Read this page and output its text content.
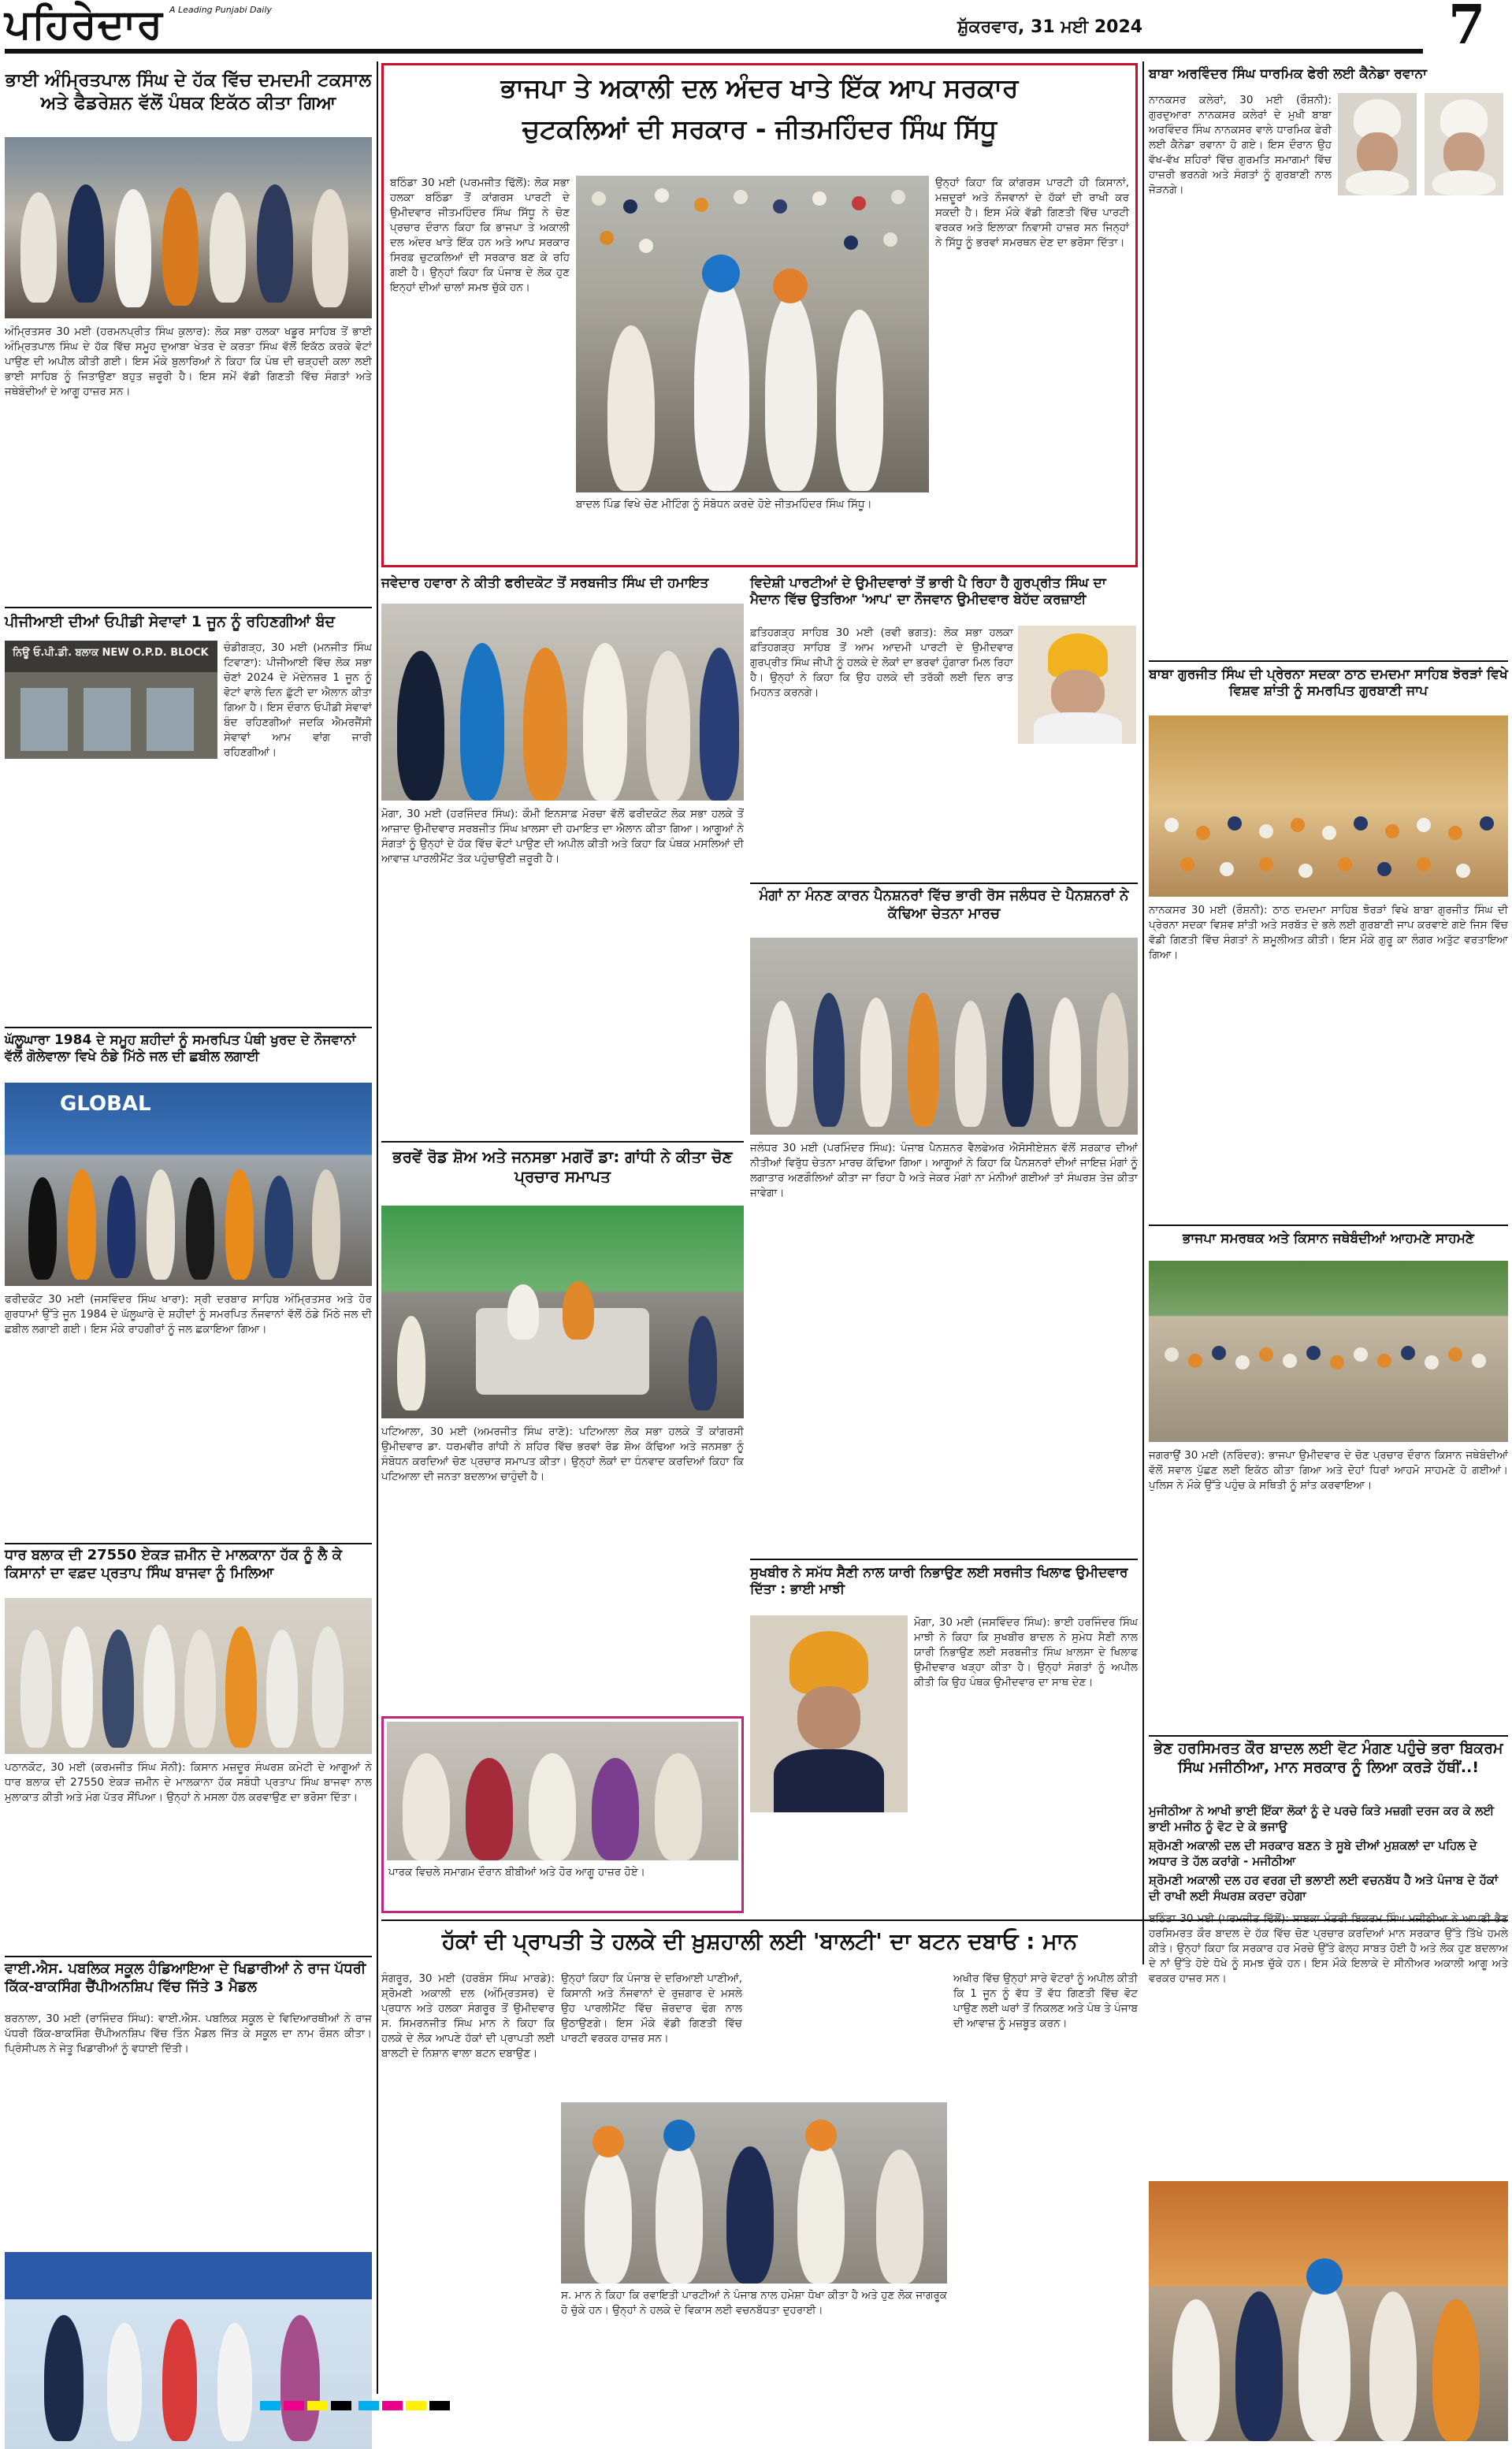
ਪਹਿਰੇਦਾਰ A Leading Punjabi Daily
ਸ਼ੁੱਕਰਵਾਰ, 31 ਮਈ 2024	7
ਭਾਈ ਅੰਮ੍ਰਿਤਪਾਲ ਸਿੰਘ ਦੇ ਹੱਕ ਵਿੱਚ ਦਮਦਮੀ ਟਕਸਾਲ ਅਤੇ ਫੈਡਰੇਸ਼ਨ ਵੱਲੋਂ ਪੰਥਕ ਇਕੱਠ ਕੀਤਾ ਗਿਆ
ਅੰਮ੍ਰਿਤਸਰ 30 ਮਈ (ਹਰਮਨਪ੍ਰੀਤ ਸਿੰਘ ਕੁਲਾਰ): ਲੋਕ ਸਭਾ ਹਲਕਾ ਖਡੂਰ ਸਾਹਿਬ ਤੋਂ ਭਾਈ ਅੰਮ੍ਰਿਤਪਾਲ ਸਿੰਘ ਦੇ ਹੱਕ ਵਿੱਚ ਸਮੂਹ ਦੁਆਬਾ ਖੇਤਰ ਦੇ ਕਰਤਾ ਸਿੰਘ ਵੱਲੋਂ ਇਕੱਠ ਕਰਕੇ ਵੋਟਾਂ ਪਾਉਣ ਦੀ ਅਪੀਲ ਕੀਤੀ ਗਈ। ਇਸ ਮੌਕੇ ਬੁਲਾਰਿਆਂ ਨੇ ਕਿਹਾ ਕਿ ਪੰਥ ਦੀ ਚੜ੍ਹਦੀ ਕਲਾ ਲਈ ਭਾਈ ਸਾਹਿਬ ਨੂੰ ਜਿਤਾਉਣਾ ਬਹੁਤ ਜ਼ਰੂਰੀ ਹੈ। ਇਸ ਸਮੇਂ ਵੱਡੀ ਗਿਣਤੀ ਵਿੱਚ ਸੰਗਤਾਂ ਅਤੇ ਜਥੇਬੰਦੀਆਂ ਦੇ ਆਗੂ ਹਾਜ਼ਰ ਸਨ।
ਪੀਜੀਆਈ ਦੀਆਂ ਓਪੀਡੀ ਸੇਵਾਵਾਂ 1 ਜੂਨ ਨੂੰ ਰਹਿਣਗੀਆਂ ਬੰਦ
ਨਿਊ ਓ.ਪੀ.ਡੀ. ਬਲਾਕ NEW O.P.D. BLOCK ਚੰਡੀਗੜ੍ਹ, 30 ਮਈ (ਮਨਜੀਤ ਸਿੰਘ ਟਿਵਾਣਾ): ਪੀਜੀਆਈ ਵਿੱਚ ਲੋਕ ਸਭਾ ਚੋਣਾਂ 2024 ਦੇ ਮੱਦੇਨਜ਼ਰ 1 ਜੂਨ ਨੂੰ ਵੋਟਾਂ ਵਾਲੇ ਦਿਨ ਛੁੱਟੀ ਦਾ ਐਲਾਨ ਕੀਤਾ ਗਿਆ ਹੈ। ਇਸ ਦੌਰਾਨ ਓਪੀਡੀ ਸੇਵਾਵਾਂ ਬੰਦ ਰਹਿਣਗੀਆਂ ਜਦਕਿ ਐਮਰਜੈਂਸੀ ਸੇਵਾਵਾਂ ਆਮ ਵਾਂਗ ਜਾਰੀ ਰਹਿਣਗੀਆਂ।
ਘੱਲੂਘਾਰਾ 1984 ਦੇ ਸਮੂਹ ਸ਼ਹੀਦਾਂ ਨੂੰ ਸਮਰਪਿਤ ਪੰਥੀ ਖੁਰਦ ਦੇ ਨੌਜਵਾਨਾਂ ਵੱਲੋਂ ਗੋਲੇਵਾਲਾ ਵਿਖੇ ਠੰਡੇ ਮਿੱਠੇ ਜਲ ਦੀ ਛਬੀਲ ਲਗਾਈ
GLOBAL
ਫਰੀਦਕੋਟ 30 ਮਈ (ਜਸਵਿੰਦਰ ਸਿੰਘ ਖਾਰਾ): ਸ੍ਰੀ ਦਰਬਾਰ ਸਾਹਿਬ ਅੰਮ੍ਰਿਤਸਰ ਅਤੇ ਹੋਰ ਗੁਰਧਾਮਾਂ ਉੱਤੇ ਜੂਨ 1984 ਦੇ ਘੱਲੂਘਾਰੇ ਦੇ ਸ਼ਹੀਦਾਂ ਨੂੰ ਸਮਰਪਿਤ ਨੌਜਵਾਨਾਂ ਵੱਲੋਂ ਠੰਡੇ ਮਿੱਠੇ ਜਲ ਦੀ ਛਬੀਲ ਲਗਾਈ ਗਈ। ਇਸ ਮੌਕੇ ਰਾਹਗੀਰਾਂ ਨੂੰ ਜਲ ਛਕਾਇਆ ਗਿਆ।
ਧਾਰ ਬਲਾਕ ਦੀ 27550 ਏਕੜ ਜ਼ਮੀਨ ਦੇ ਮਾਲਕਾਨਾ ਹੱਕ ਨੂੰ ਲੈ ਕੇ ਕਿਸਾਨਾਂ ਦਾ ਵਫ਼ਦ ਪ੍ਰਤਾਪ ਸਿੰਘ ਬਾਜਵਾ ਨੂੰ ਮਿਲਿਆ
ਪਠਾਨਕੋਟ, 30 ਮਈ (ਕਰਮਜੀਤ ਸਿੰਘ ਸੋਨੀ): ਕਿਸਾਨ ਮਜ਼ਦੂਰ ਸੰਘਰਸ਼ ਕਮੇਟੀ ਦੇ ਆਗੂਆਂ ਨੇ ਧਾਰ ਬਲਾਕ ਦੀ 27550 ਏਕੜ ਜ਼ਮੀਨ ਦੇ ਮਾਲਕਾਨਾ ਹੱਕ ਸਬੰਧੀ ਪ੍ਰਤਾਪ ਸਿੰਘ ਬਾਜਵਾ ਨਾਲ ਮੁਲਾਕਾਤ ਕੀਤੀ ਅਤੇ ਮੰਗ ਪੱਤਰ ਸੌਂਪਿਆ। ਉਨ੍ਹਾਂ ਨੇ ਮਸਲਾ ਹੱਲ ਕਰਵਾਉਣ ਦਾ ਭਰੋਸਾ ਦਿੱਤਾ।
ਵਾਈ.ਐਸ. ਪਬਲਿਕ ਸਕੂਲ ਹੰਡਿਆਇਆ ਦੇ ਖਿਡਾਰੀਆਂ ਨੇ ਰਾਜ ਪੱਧਰੀ ਕਿੱਕ-ਬਾਕਸਿੰਗ ਚੈਂਪੀਅਨਸ਼ਿਪ ਵਿੱਚ ਜਿੱਤੇ 3 ਮੈਡਲ
ਬਰਨਾਲਾ, 30 ਮਈ (ਰਾਜਿੰਦਰ ਸਿੰਘ): ਵਾਈ.ਐਸ. ਪਬਲਿਕ ਸਕੂਲ ਦੇ ਵਿਦਿਆਰਥੀਆਂ ਨੇ ਰਾਜ ਪੱਧਰੀ ਕਿੱਕ-ਬਾਕਸਿੰਗ ਚੈਂਪੀਅਨਸ਼ਿਪ ਵਿੱਚ ਤਿੰਨ ਮੈਡਲ ਜਿੱਤ ਕੇ ਸਕੂਲ ਦਾ ਨਾਮ ਰੌਸ਼ਨ ਕੀਤਾ। ਪ੍ਰਿੰਸੀਪਲ ਨੇ ਜੇਤੂ ਖਿਡਾਰੀਆਂ ਨੂੰ ਵਧਾਈ ਦਿੱਤੀ।
ਭਾਜਪਾ ਤੇ ਅਕਾਲੀ ਦਲ ਅੰਦਰ ਖਾਤੇ ਇੱਕ ਆਪ ਸਰਕਾਰ
ਚੁਟਕਲਿਆਂ ਦੀ ਸਰਕਾਰ - ਜੀਤਮਹਿੰਦਰ ਸਿੰਘ ਸਿੱਧੂ
ਬਠਿੰਡਾ 30 ਮਈ (ਪਰਮਜੀਤ ਢਿੱਲੋਂ): ਲੋਕ ਸਭਾ ਹਲਕਾ ਬਠਿੰਡਾ ਤੋਂ ਕਾਂਗਰਸ ਪਾਰਟੀ ਦੇ ਉਮੀਦਵਾਰ ਜੀਤਮਹਿੰਦਰ ਸਿੰਘ ਸਿੱਧੂ ਨੇ ਚੋਣ ਪ੍ਰਚਾਰ ਦੌਰਾਨ ਕਿਹਾ ਕਿ ਭਾਜਪਾ ਤੇ ਅਕਾਲੀ ਦਲ ਅੰਦਰ ਖਾਤੇ ਇੱਕ ਹਨ ਅਤੇ ਆਪ ਸਰਕਾਰ ਸਿਰਫ਼ ਚੁਟਕਲਿਆਂ ਦੀ ਸਰਕਾਰ ਬਣ ਕੇ ਰਹਿ ਗਈ ਹੈ। ਉਨ੍ਹਾਂ ਕਿਹਾ ਕਿ ਪੰਜਾਬ ਦੇ ਲੋਕ ਹੁਣ ਇਨ੍ਹਾਂ ਦੀਆਂ ਚਾਲਾਂ ਸਮਝ ਚੁੱਕੇ ਹਨ।
ਉਨ੍ਹਾਂ ਕਿਹਾ ਕਿ ਕਾਂਗਰਸ ਪਾਰਟੀ ਹੀ ਕਿਸਾਨਾਂ, ਮਜ਼ਦੂਰਾਂ ਅਤੇ ਨੌਜਵਾਨਾਂ ਦੇ ਹੱਕਾਂ ਦੀ ਰਾਖੀ ਕਰ ਸਕਦੀ ਹੈ। ਇਸ ਮੌਕੇ ਵੱਡੀ ਗਿਣਤੀ ਵਿੱਚ ਪਾਰਟੀ ਵਰਕਰ ਅਤੇ ਇਲਾਕਾ ਨਿਵਾਸੀ ਹਾਜ਼ਰ ਸਨ ਜਿਨ੍ਹਾਂ ਨੇ ਸਿੱਧੂ ਨੂੰ ਭਰਵਾਂ ਸਮਰਥਨ ਦੇਣ ਦਾ ਭਰੋਸਾ ਦਿੱਤਾ।
ਬਾਦਲ ਪਿੰਡ ਵਿਖੇ ਚੋਣ ਮੀਟਿੰਗ ਨੂੰ ਸੰਬੋਧਨ ਕਰਦੇ ਹੋਏ ਜੀਤਮਹਿੰਦਰ ਸਿੰਘ ਸਿੱਧੂ।
ਜਵੇਦਾਰ ਹਵਾਰਾ ਨੇ ਕੀਤੀ ਫਰੀਦਕੋਟ ਤੋਂ ਸਰਬਜੀਤ ਸਿੰਘ ਦੀ ਹਮਾਇਤ
ਮੋਗਾ, 30 ਮਈ (ਹਰਜਿੰਦਰ ਸਿੰਘ): ਕੌਮੀ ਇਨਸਾਫ਼ ਮੋਰਚਾ ਵੱਲੋਂ ਫਰੀਦਕੋਟ ਲੋਕ ਸਭਾ ਹਲਕੇ ਤੋਂ ਆਜ਼ਾਦ ਉਮੀਦਵਾਰ ਸਰਬਜੀਤ ਸਿੰਘ ਖ਼ਾਲਸਾ ਦੀ ਹਮਾਇਤ ਦਾ ਐਲਾਨ ਕੀਤਾ ਗਿਆ। ਆਗੂਆਂ ਨੇ ਸੰਗਤਾਂ ਨੂੰ ਉਨ੍ਹਾਂ ਦੇ ਹੱਕ ਵਿੱਚ ਵੋਟਾਂ ਪਾਉਣ ਦੀ ਅਪੀਲ ਕੀਤੀ ਅਤੇ ਕਿਹਾ ਕਿ ਪੰਥਕ ਮਸਲਿਆਂ ਦੀ ਆਵਾਜ਼ ਪਾਰਲੀਮੈਂਟ ਤੱਕ ਪਹੁੰਚਾਉਣੀ ਜ਼ਰੂਰੀ ਹੈ।
ਭਰਵੇਂ ਰੋਡ ਸ਼ੋਅ ਅਤੇ ਜਨਸਭਾ ਮਗਰੋਂ ਡਾ: ਗਾਂਧੀ ਨੇ ਕੀਤਾ ਚੋਣ ਪ੍ਰਚਾਰ ਸਮਾਪਤ
ਪਟਿਆਲਾ, 30 ਮਈ (ਅਮਰਜੀਤ ਸਿੰਘ ਰਾਣੋ): ਪਟਿਆਲਾ ਲੋਕ ਸਭਾ ਹਲਕੇ ਤੋਂ ਕਾਂਗਰਸੀ ਉਮੀਦਵਾਰ ਡਾ. ਧਰਮਵੀਰ ਗਾਂਧੀ ਨੇ ਸ਼ਹਿਰ ਵਿੱਚ ਭਰਵਾਂ ਰੋਡ ਸ਼ੋਅ ਕੱਢਿਆ ਅਤੇ ਜਨਸਭਾ ਨੂੰ ਸੰਬੋਧਨ ਕਰਦਿਆਂ ਚੋਣ ਪ੍ਰਚਾਰ ਸਮਾਪਤ ਕੀਤਾ। ਉਨ੍ਹਾਂ ਲੋਕਾਂ ਦਾ ਧੰਨਵਾਦ ਕਰਦਿਆਂ ਕਿਹਾ ਕਿ ਪਟਿਆਲਾ ਦੀ ਜਨਤਾ ਬਦਲਾਅ ਚਾਹੁੰਦੀ ਹੈ।
ਪਾਰਕ ਵਿਚਲੇ ਸਮਾਗਮ ਦੌਰਾਨ ਬੀਬੀਆਂ ਅਤੇ ਹੋਰ ਆਗੂ ਹਾਜ਼ਰ ਹੋਏ।
ਵਿਦੇਸ਼ੀ ਪਾਰਟੀਆਂ ਦੇ ਉਮੀਦਵਾਰਾਂ ਤੋਂ ਭਾਰੀ ਪੈ ਰਿਹਾ ਹੈ ਗੁਰਪ੍ਰੀਤ ਸਿੰਘ ਦਾ ਮੈਦਾਨ ਵਿੱਚ ਉਤਰਿਆ 'ਆਪ' ਦਾ ਨੌਜਵਾਨ ਉਮੀਦਵਾਰ ਬੇਹੱਦ ਕਰਜ਼ਾਈ
ਫ਼ਤਿਹਗੜ੍ਹ ਸਾਹਿਬ 30 ਮਈ (ਰਵੀ ਭਗਤ): ਲੋਕ ਸਭਾ ਹਲਕਾ ਫ਼ਤਿਹਗੜ੍ਹ ਸਾਹਿਬ ਤੋਂ ਆਮ ਆਦਮੀ ਪਾਰਟੀ ਦੇ ਉਮੀਦਵਾਰ ਗੁਰਪ੍ਰੀਤ ਸਿੰਘ ਜੀਪੀ ਨੂੰ ਹਲਕੇ ਦੇ ਲੋਕਾਂ ਦਾ ਭਰਵਾਂ ਹੁੰਗਾਰਾ ਮਿਲ ਰਿਹਾ ਹੈ। ਉਨ੍ਹਾਂ ਨੇ ਕਿਹਾ ਕਿ ਉਹ ਹਲਕੇ ਦੀ ਤਰੱਕੀ ਲਈ ਦਿਨ ਰਾਤ ਮਿਹਨਤ ਕਰਨਗੇ।
ਮੰਗਾਂ ਨਾ ਮੰਨਣ ਕਾਰਨ ਪੈਨਸ਼ਨਰਾਂ ਵਿੱਚ ਭਾਰੀ ਰੋਸ ਜਲੰਧਰ ਦੇ ਪੈਨਸ਼ਨਰਾਂ ਨੇ ਕੱਢਿਆ ਚੇਤਨਾ ਮਾਰਚ
ਜਲੰਧਰ 30 ਮਈ (ਪਰਮਿੰਦਰ ਸਿੰਘ): ਪੰਜਾਬ ਪੈਨਸ਼ਨਰ ਵੈਲਫੇਅਰ ਐਸੋਸੀਏਸ਼ਨ ਵੱਲੋਂ ਸਰਕਾਰ ਦੀਆਂ ਨੀਤੀਆਂ ਵਿਰੁੱਧ ਚੇਤਨਾ ਮਾਰਚ ਕੱਢਿਆ ਗਿਆ। ਆਗੂਆਂ ਨੇ ਕਿਹਾ ਕਿ ਪੈਨਸ਼ਨਰਾਂ ਦੀਆਂ ਜਾਇਜ਼ ਮੰਗਾਂ ਨੂੰ ਲਗਾਤਾਰ ਅਣਗੌਲਿਆਂ ਕੀਤਾ ਜਾ ਰਿਹਾ ਹੈ ਅਤੇ ਜੇਕਰ ਮੰਗਾਂ ਨਾ ਮੰਨੀਆਂ ਗਈਆਂ ਤਾਂ ਸੰਘਰਸ਼ ਤੇਜ਼ ਕੀਤਾ ਜਾਵੇਗਾ।
ਸੁਖਬੀਰ ਨੇ ਸਮੱਧ ਸੈਣੀ ਨਾਲ ਯਾਰੀ ਨਿਭਾਉਣ ਲਈ ਸਰਜੀਤ ਖਿਲਾਫ ਉਮੀਦਵਾਰ ਦਿੱਤਾ : ਭਾਈ ਮਾਝੀ
ਮੋਗਾ, 30 ਮਈ (ਜਸਵਿੰਦਰ ਸਿੰਘ): ਭਾਈ ਹਰਜਿੰਦਰ ਸਿੰਘ ਮਾਝੀ ਨੇ ਕਿਹਾ ਕਿ ਸੁਖਬੀਰ ਬਾਦਲ ਨੇ ਸੁਮੇਧ ਸੈਣੀ ਨਾਲ ਯਾਰੀ ਨਿਭਾਉਣ ਲਈ ਸਰਬਜੀਤ ਸਿੰਘ ਖ਼ਾਲਸਾ ਦੇ ਖਿਲਾਫ ਉਮੀਦਵਾਰ ਖੜ੍ਹਾ ਕੀਤਾ ਹੈ। ਉਨ੍ਹਾਂ ਸੰਗਤਾਂ ਨੂੰ ਅਪੀਲ ਕੀਤੀ ਕਿ ਉਹ ਪੰਥਕ ਉਮੀਦਵਾਰ ਦਾ ਸਾਥ ਦੇਣ।
ਹੱਕਾਂ ਦੀ ਪ੍ਰਾਪਤੀ ਤੇ ਹਲਕੇ ਦੀ ਖ਼ੁਸ਼ਹਾਲੀ ਲਈ 'ਬਾਲਟੀ' ਦਾ ਬਟਨ ਦਬਾਓ : ਮਾਨ
ਸੰਗਰੂਰ, 30 ਮਈ (ਹਰਬੰਸ ਸਿੰਘ ਮਾਰਡੇ): ਸ਼੍ਰੋਮਣੀ ਅਕਾਲੀ ਦਲ (ਅੰਮ੍ਰਿਤਸਰ) ਦੇ ਪ੍ਰਧਾਨ ਅਤੇ ਹਲਕਾ ਸੰਗਰੂਰ ਤੋਂ ਉਮੀਦਵਾਰ ਸ. ਸਿਮਰਨਜੀਤ ਸਿੰਘ ਮਾਨ ਨੇ ਕਿਹਾ ਕਿ ਹਲਕੇ ਦੇ ਲੋਕ ਆਪਣੇ ਹੱਕਾਂ ਦੀ ਪ੍ਰਾਪਤੀ ਲਈ ਬਾਲਟੀ ਦੇ ਨਿਸ਼ਾਨ ਵਾਲਾ ਬਟਨ ਦਬਾਉਣ।
ਉਨ੍ਹਾਂ ਕਿਹਾ ਕਿ ਪੰਜਾਬ ਦੇ ਦਰਿਆਈ ਪਾਣੀਆਂ, ਕਿਸਾਨੀ ਅਤੇ ਨੌਜਵਾਨਾਂ ਦੇ ਰੁਜ਼ਗਾਰ ਦੇ ਮਸਲੇ ਉਹ ਪਾਰਲੀਮੈਂਟ ਵਿੱਚ ਜ਼ੋਰਦਾਰ ਢੰਗ ਨਾਲ ਉਠਾਉਣਗੇ। ਇਸ ਮੌਕੇ ਵੱਡੀ ਗਿਣਤੀ ਵਿੱਚ ਪਾਰਟੀ ਵਰਕਰ ਹਾਜ਼ਰ ਸਨ।
ਸ. ਮਾਨ ਨੇ ਕਿਹਾ ਕਿ ਰਵਾਇਤੀ ਪਾਰਟੀਆਂ ਨੇ ਪੰਜਾਬ ਨਾਲ ਹਮੇਸ਼ਾ ਧੋਖਾ ਕੀਤਾ ਹੈ ਅਤੇ ਹੁਣ ਲੋਕ ਜਾਗਰੂਕ ਹੋ ਚੁੱਕੇ ਹਨ। ਉਨ੍ਹਾਂ ਨੇ ਹਲਕੇ ਦੇ ਵਿਕਾਸ ਲਈ ਵਚਨਬੱਧਤਾ ਦੁਹਰਾਈ।
ਅਖੀਰ ਵਿੱਚ ਉਨ੍ਹਾਂ ਸਾਰੇ ਵੋਟਰਾਂ ਨੂੰ ਅਪੀਲ ਕੀਤੀ ਕਿ 1 ਜੂਨ ਨੂੰ ਵੱਧ ਤੋਂ ਵੱਧ ਗਿਣਤੀ ਵਿੱਚ ਵੋਟ ਪਾਉਣ ਲਈ ਘਰਾਂ ਤੋਂ ਨਿਕਲਣ ਅਤੇ ਪੰਥ ਤੇ ਪੰਜਾਬ ਦੀ ਆਵਾਜ਼ ਨੂੰ ਮਜ਼ਬੂਤ ਕਰਨ।
ਬਾਬਾ ਅਰਵਿੰਦਰ ਸਿੰਘ ਧਾਰਮਿਕ ਫੇਰੀ ਲਈ ਕੈਨੇਡਾ ਰਵਾਨਾ
ਨਾਨਕਸਰ ਕਲੇਰਾਂ, 30 ਮਈ (ਰੌਸ਼ਨੀ): ਗੁਰਦੁਆਰਾ ਨਾਨਕਸਰ ਕਲੇਰਾਂ ਦੇ ਮੁਖੀ ਬਾਬਾ ਅਰਵਿੰਦਰ ਸਿੰਘ ਨਾਨਕਸਰ ਵਾਲੇ ਧਾਰਮਿਕ ਫੇਰੀ ਲਈ ਕੈਨੇਡਾ ਰਵਾਨਾ ਹੋ ਗਏ। ਇਸ ਦੌਰਾਨ ਉਹ ਵੱਖ-ਵੱਖ ਸ਼ਹਿਰਾਂ ਵਿੱਚ ਗੁਰਮਤਿ ਸਮਾਗਮਾਂ ਵਿੱਚ ਹਾਜ਼ਰੀ ਭਰਨਗੇ ਅਤੇ ਸੰਗਤਾਂ ਨੂੰ ਗੁਰਬਾਣੀ ਨਾਲ ਜੋੜਨਗੇ।
ਬਾਬਾ ਗੁਰਜੀਤ ਸਿੰਘ ਦੀ ਪ੍ਰੇਰਨਾ ਸਦਕਾ ਠਾਠ ਦਮਦਮਾ ਸਾਹਿਬ ਝੋਰੜਾਂ ਵਿਖੇ ਵਿਸ਼ਵ ਸ਼ਾਂਤੀ ਨੂੰ ਸਮਰਪਿਤ ਗੁਰਬਾਣੀ ਜਾਪ
ਨਾਨਕਸਰ 30 ਮਈ (ਰੌਸ਼ਨੀ): ਠਾਠ ਦਮਦਮਾ ਸਾਹਿਬ ਝੋਰੜਾਂ ਵਿਖੇ ਬਾਬਾ ਗੁਰਜੀਤ ਸਿੰਘ ਦੀ ਪ੍ਰੇਰਨਾ ਸਦਕਾ ਵਿਸ਼ਵ ਸ਼ਾਂਤੀ ਅਤੇ ਸਰਬੱਤ ਦੇ ਭਲੇ ਲਈ ਗੁਰਬਾਣੀ ਜਾਪ ਕਰਵਾਏ ਗਏ ਜਿਸ ਵਿੱਚ ਵੱਡੀ ਗਿਣਤੀ ਵਿੱਚ ਸੰਗਤਾਂ ਨੇ ਸ਼ਮੂਲੀਅਤ ਕੀਤੀ। ਇਸ ਮੌਕੇ ਗੁਰੂ ਕਾ ਲੰਗਰ ਅਤੁੱਟ ਵਰਤਾਇਆ ਗਿਆ।
ਭਾਜਪਾ ਸਮਰਥਕ ਅਤੇ ਕਿਸਾਨ ਜਥੇਬੰਦੀਆਂ ਆਹਮਣੇ ਸਾਹਮਣੇ
ਜਗਰਾਉਂ 30 ਮਈ (ਨਰਿੰਦਰ): ਭਾਜਪਾ ਉਮੀਦਵਾਰ ਦੇ ਚੋਣ ਪ੍ਰਚਾਰ ਦੌਰਾਨ ਕਿਸਾਨ ਜਥੇਬੰਦੀਆਂ ਵੱਲੋਂ ਸਵਾਲ ਪੁੱਛਣ ਲਈ ਇਕੱਠ ਕੀਤਾ ਗਿਆ ਅਤੇ ਦੋਹਾਂ ਧਿਰਾਂ ਆਹਮੋ ਸਾਹਮਣੇ ਹੋ ਗਈਆਂ। ਪੁਲਿਸ ਨੇ ਮੌਕੇ ਉੱਤੇ ਪਹੁੰਚ ਕੇ ਸਥਿਤੀ ਨੂੰ ਸ਼ਾਂਤ ਕਰਵਾਇਆ।
ਭੇਣ ਹਰਸਿਮਰਤ ਕੌਰ ਬਾਦਲ ਲਈ ਵੋਟ ਮੰਗਣ ਪਹੁੰਚੇ ਭਰਾ ਬਿਕਰਮ ਸਿੰਘ ਮਜੀਠੀਆ, ਮਾਨ ਸਰਕਾਰ ਨੂੰ ਲਿਆ ਕਰੜੇ ਹੱਥੀਂ..!
ਮੁਜੀਠੀਆ ਨੇ ਆਖੀ ਭਾਈ ਇੱਕਾ ਲੋਕਾਂ ਨੂੰ ਦੇ ਪਰਚੇ ਕਿਤੇ ਮਜ਼ਗੀ ਦਰਜ ਕਰ ਕੇ ਲਈ ਭਾਈ ਮਜੀਠ ਨੂੰ ਵੋਟ ਦੇ ਕੇ ਭਜਾਉ
ਸ਼੍ਰੋਮਣੀ ਅਕਾਲੀ ਦਲ ਦੀ ਸਰਕਾਰ ਬਣਨ ਤੇ ਸੂਬੇ ਦੀਆਂ ਮੁਸ਼ਕਲਾਂ ਦਾ ਪਹਿਲ ਦੇ ਅਧਾਰ ਤੇ ਹੱਲ ਕਰਾਂਗੇ - ਮਜੀਠੀਆ
ਸ਼੍ਰੋਮਣੀ ਅਕਾਲੀ ਦਲ ਹਰ ਵਰਗ ਦੀ ਭਲਾਈ ਲਈ ਵਚਨਬੱਧ ਹੈ ਅਤੇ ਪੰਜਾਬ ਦੇ ਹੱਕਾਂ ਦੀ ਰਾਖੀ ਲਈ ਸੰਘਰਸ਼ ਕਰਦਾ ਰਹੇਗਾ
ਬਠਿੰਡਾ 30 ਮਈ (ਪਰਮਜੀਤ ਢਿੱਲੋਂ): ਸਾਬਕਾ ਮੰਤਰੀ ਬਿਕਰਮ ਸਿੰਘ ਮਜੀਠੀਆ ਨੇ ਆਪਣੀ ਭੈਣ ਹਰਸਿਮਰਤ ਕੌਰ ਬਾਦਲ ਦੇ ਹੱਕ ਵਿੱਚ ਚੋਣ ਪ੍ਰਚਾਰ ਕਰਦਿਆਂ ਮਾਨ ਸਰਕਾਰ ਉੱਤੇ ਤਿੱਖੇ ਹਮਲੇ ਕੀਤੇ। ਉਨ੍ਹਾਂ ਕਿਹਾ ਕਿ ਸਰਕਾਰ ਹਰ ਮੋਰਚੇ ਉੱਤੇ ਫੇਲ੍ਹ ਸਾਬਤ ਹੋਈ ਹੈ ਅਤੇ ਲੋਕ ਹੁਣ ਬਦਲਾਅ ਦੇ ਨਾਂ ਉੱਤੇ ਹੋਏ ਧੋਖੇ ਨੂੰ ਸਮਝ ਚੁੱਕੇ ਹਨ। ਇਸ ਮੌਕੇ ਇਲਾਕੇ ਦੇ ਸੀਨੀਅਰ ਅਕਾਲੀ ਆਗੂ ਅਤੇ ਵਰਕਰ ਹਾਜ਼ਰ ਸਨ।
